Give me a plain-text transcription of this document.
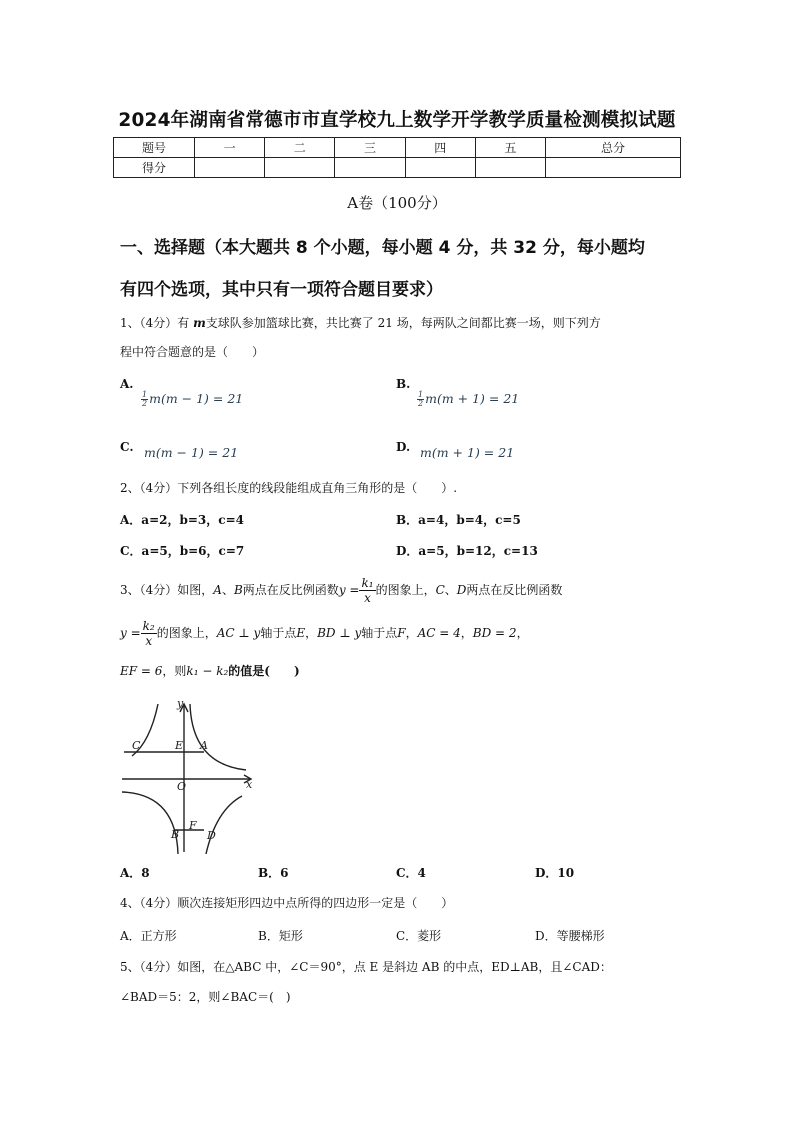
2024年湖南省常德市市直学校九上数学开学教学质量检测模拟试题
题号	一	二	三	四	五	总分
得分						
A卷（100分）
一、选择题（本大题共 8 个小题，每小题 4 分，共 32 分，每小题均
有四个选项，其中只有一项符合题目要求）
1、（4分）有 m支球队参加篮球比赛，共比赛了 21 场，每两队之间都比赛一场，则下列方
程中符合题意的是（　　）
A.
$\frac{1}{2} m(m - 1) = 21$
B.
$\frac{1}{2} m(m + 1) = 21$
C. m(m − 1) = 21	D. m(m + 1) = 21
2、（4分）下列各组长度的线段能组成直角三角形的是（　　）.
A．a=2，b=3，c=4	B．a=4，b=4，c=5
C．a=5，b=6，c=7	D．a=5，b=12，c=13
3、（4分）如图，A、B两点在反比例函数$y = \frac{\text{k₁}}{x}$ 的图象上，C、D两点在反比例函数
$y = \frac{\text{k₂}}{x}$ 的图象上，AC ⊥ y轴于点E，BD ⊥ y轴于点F，AC = 4，BD = 2，
EF = 6，则k₁ − k₂的值是(　　)
y
x
O
C	E A
F
B	D
A．8	B．6	C．4	D．10
4、（4分）顺次连接矩形四边中点所得的四边形一定是（　　）
A．正方形	B．矩形	C．菱形	D．等腰梯形
5、（4分）如图，在△ABC 中，∠C＝90°，点 E 是斜边 AB 的中点，ED⊥AB，且∠CAD：
∠BAD＝5：2，则∠BAC＝(　)
